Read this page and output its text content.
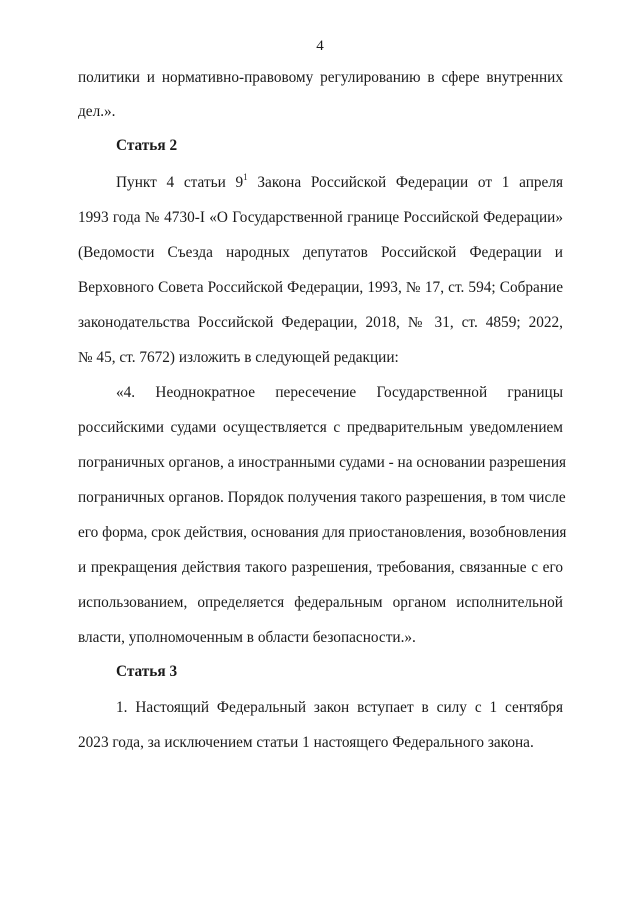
4
политики и нормативно-правовому регулированию в сфере внутренних
дел.».
Статья 2
Пункт 4 статьи $9^1$ Закона Российской Федерации от 1 апреля
1993 года № 4730-I «О Государственной границе Российской Федерации»
(Ведомости Съезда народных депутатов Российской Федерации и
Верховного Совета Российской Федерации, 1993, № 17, ст. 594; Собрание
законодательства Российской Федерации, 2018, № 31, ст. 4859; 2022,
№ 45, ст. 7672) изложить в следующей редакции:
«4. Неоднократное пересечение Государственной границы
российскими судами осуществляется с предварительным уведомлением
пограничных органов, а иностранными судами - на основании разрешения
пограничных органов. Порядок получения такого разрешения, в том числе
его форма, срок действия, основания для приостановления, возобновления
и прекращения действия такого разрешения, требования, связанные с его
использованием, определяется федеральным органом исполнительной
власти, уполномоченным в области безопасности.».
Статья 3
1. Настоящий Федеральный закон вступает в силу с 1 сентября
2023 года, за исключением статьи 1 настоящего Федерального закона.
